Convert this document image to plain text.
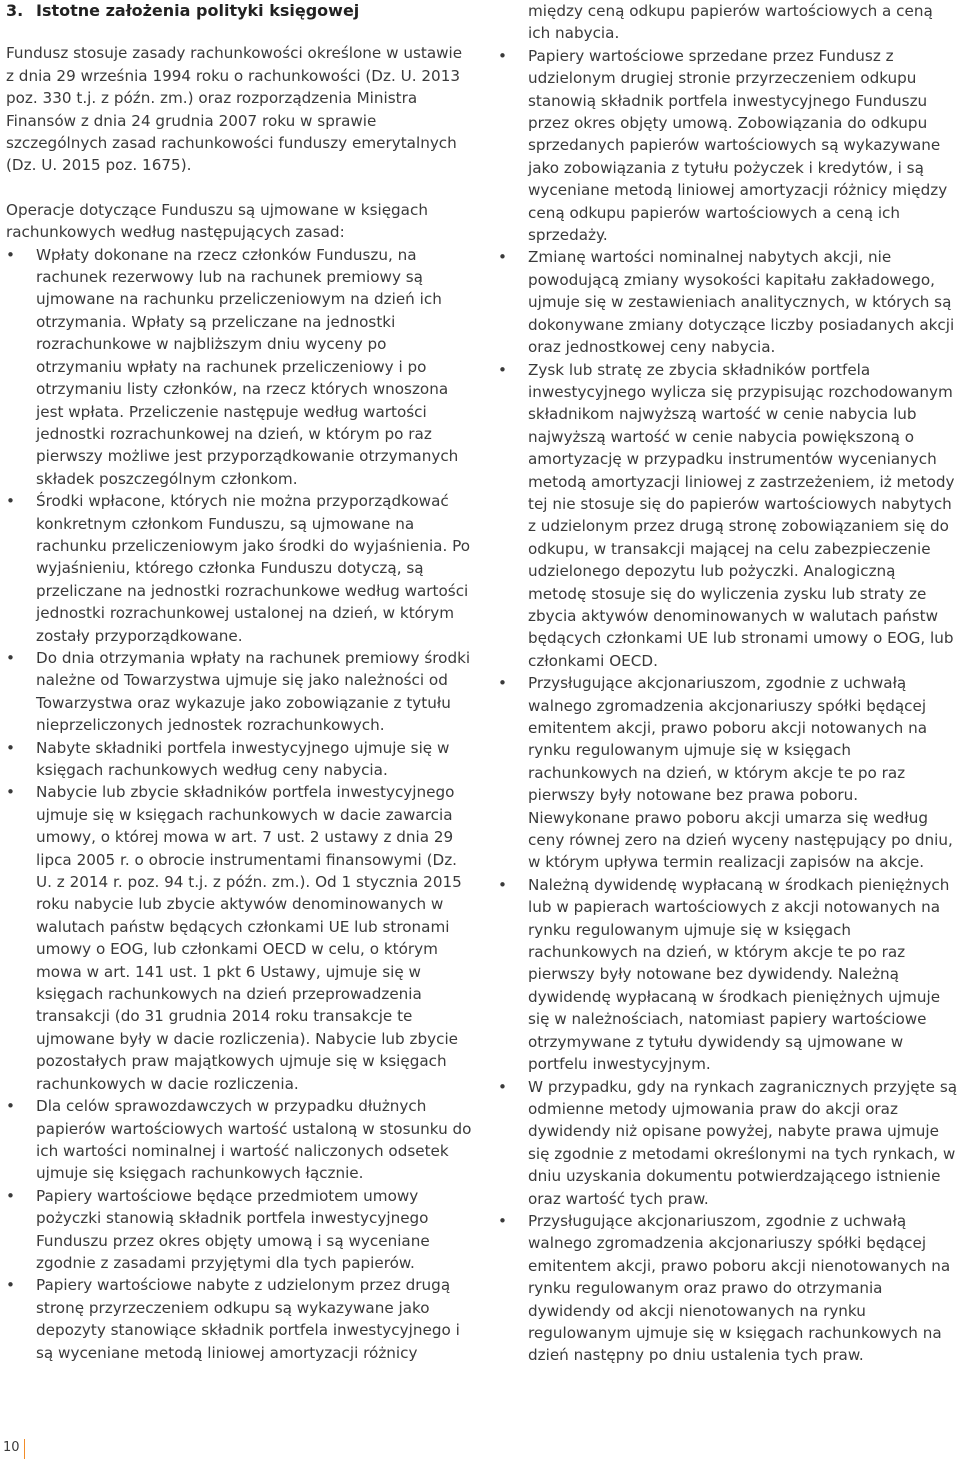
3. Istotne założenia polityki księgowej

Fundusz stosuje zasady rachunkowości określone w ustawie z dnia 29 września 1994 roku o rachunkowości (Dz. U. 2013 poz. 330 t.j. z późn. zm.) oraz rozporządzenia Ministra Finansów z dnia 24 grudnia 2007 roku w sprawie szczególnych zasad rachunkowości funduszy emerytalnych (Dz. U. 2015 poz. 1675).

Operacje dotyczące Funduszu są ujmowane w księgach rachunkowych według następujących zasad:

• Wpłaty dokonane na rzecz członków Funduszu, na rachunek rezerwowy lub na rachunek premiowy są ujmowane na rachunku przeliczeniowym na dzień ich otrzymania. Wpłaty są przeliczane na jednostki rozrachunkowe w najbliższym dniu wyceny po otrzymaniu wpłaty na rachunek przeliczeniowy i po otrzymaniu listy członków, na rzecz których wnoszona jest wpłata. Przeliczenie następuje według wartości jednostki rozrachunkowej na dzień, w którym po raz pierwszy możliwe jest przyporządkowanie otrzymanych składek poszczególnym członkom.
• Środki wpłacone, których nie można przyporządkować konkretnym członkom Funduszu, są ujmowane na rachunku przeliczeniowym jako środki do wyjaśnienia. Po wyjaśnieniu, którego członka Funduszu dotyczą, są przeliczane na jednostki rozrachunkowe według wartości jednostki rozrachunkowej ustalonej na dzień, w którym zostały przyporządkowane.
• Do dnia otrzymania wpłaty na rachunek premiowy środki należne od Towarzystwa ujmuje się jako należności od Towarzystwa oraz wykazuje jako zobowiązanie z tytułu nieprzeliczonych jednostek rozrachunkowych.
• Nabyte składniki portfela inwestycyjnego ujmuje się w księgach rachunkowych według ceny nabycia.
• Nabycie lub zbycie składników portfela inwestycyjnego ujmuje się w księgach rachunkowych w dacie zawarcia umowy, o której mowa w art. 7 ust. 2 ustawy z dnia 29 lipca 2005 r. o obrocie instrumentami finansowymi (Dz. U. z 2014 r. poz. 94 t.j. z późn. zm.). Od 1 stycznia 2015 roku nabycie lub zbycie aktywów denominowanych w walutach państw będących członkami UE lub stronami umowy o EOG, lub członkami OECD w celu, o którym mowa w art. 141 ust. 1 pkt 6 Ustawy, ujmuje się w księgach rachunkowych na dzień przeprowadzenia transakcji (do 31 grudnia 2014 roku transakcje te ujmowane były w dacie rozliczenia). Nabycie lub zbycie pozostałych praw majątkowych ujmuje się w księgach rachunkowych w dacie rozliczenia.
• Dla celów sprawozdawczych w przypadku dłużnych papierów wartościowych wartość ustaloną w stosunku do ich wartości nominalnej i wartość naliczonych odsetek ujmuje się księgach rachunkowych łącznie.
• Papiery wartościowe będące przedmiotem umowy pożyczki stanowią składnik portfela inwestycyjnego Funduszu przez okres objęty umową i są wyceniane zgodnie z zasadami przyjętymi dla tych papierów.
• Papiery wartościowe nabyte z udzielonym przez drugą stronę przyrzeczeniem odkupu są wykazywane jako depozyty stanowiące składnik portfela inwestycyjnego i są wyceniane metodą liniowej amortyzacji różnicy
między ceną odkupu papierów wartościowych a ceną ich nabycia.
• Papiery wartościowe sprzedane przez Fundusz z udzielonym drugiej stronie przyrzeczeniem odkupu stanowią składnik portfela inwestycyjnego Funduszu przez okres objęty umową. Zobowiązania do odkupu sprzedanych papierów wartościowych są wykazywane jako zobowiązania z tytułu pożyczek i kredytów, i są wyceniane metodą liniowej amortyzacji różnicy między ceną odkupu papierów wartościowych a ceną ich sprzedaży.
• Zmianę wartości nominalnej nabytych akcji, nie powodującą zmiany wysokości kapitału zakładowego, ujmuje się w zestawieniach analitycznych, w których są dokonywane zmiany dotyczące liczby posiadanych akcji oraz jednostkowej ceny nabycia.
• Zysk lub stratę ze zbycia składników portfela inwestycyjnego wylicza się przypisując rozchodowanym składnikom najwyższą wartość w cenie nabycia lub najwyższą wartość w cenie nabycia powiększoną o amortyzację w przypadku instrumentów wycenianych metodą amortyzacji liniowej z zastrzeżeniem, iż metody tej nie stosuje się do papierów wartościowych nabytych z udzielonym przez drugą stronę zobowiązaniem się do odkupu, w transakcji mającej na celu zabezpieczenie udzielonego depozytu lub pożyczki. Analogiczną metodę stosuje się do wyliczenia zysku lub straty ze zbycia aktywów denominowanych w walutach państw będących członkami UE lub stronami umowy o EOG, lub członkami OECD.
• Przysługujące akcjonariuszom, zgodnie z uchwałą walnego zgromadzenia akcjonariuszy spółki będącej emitentem akcji, prawo poboru akcji notowanych na rynku regulowanym ujmuje się w księgach rachunkowych na dzień, w którym akcje te po raz pierwszy były notowane bez prawa poboru. Niewykonane prawo poboru akcji umarza się według ceny równej zero na dzień wyceny następujący po dniu, w którym upływa termin realizacji zapisów na akcje.
• Należną dywidendę wypłacaną w środkach pieniężnych lub w papierach wartościowych z akcji notowanych na rynku regulowanym ujmuje się w księgach rachunkowych na dzień, w którym akcje te po raz pierwszy były notowane bez dywidendy. Należną dywidendę wypłacaną w środkach pieniężnych ujmuje się w należnościach, natomiast papiery wartościowe otrzymywane z tytułu dywidendy są ujmowane w portfelu inwestycyjnym.
• W przypadku, gdy na rynkach zagranicznych przyjęte są odmienne metody ujmowania praw do akcji oraz dywidendy niż opisane powyżej, nabyte prawa ujmuje się zgodnie z metodami określonymi na tych rynkach, w dniu uzyskania dokumentu potwierdzającego istnienie oraz wartość tych praw.
• Przysługujące akcjonariuszom, zgodnie z uchwałą walnego zgromadzenia akcjonariuszy spółki będącej emitentem akcji, prawo poboru akcji nienotowanych na rynku regulowanym oraz prawo do otrzymania dywidendy od akcji nienotowanych na rynku regulowanym ujmuje się w księgach rachunkowych na dzień następny po dniu ustalenia tych praw.
10
